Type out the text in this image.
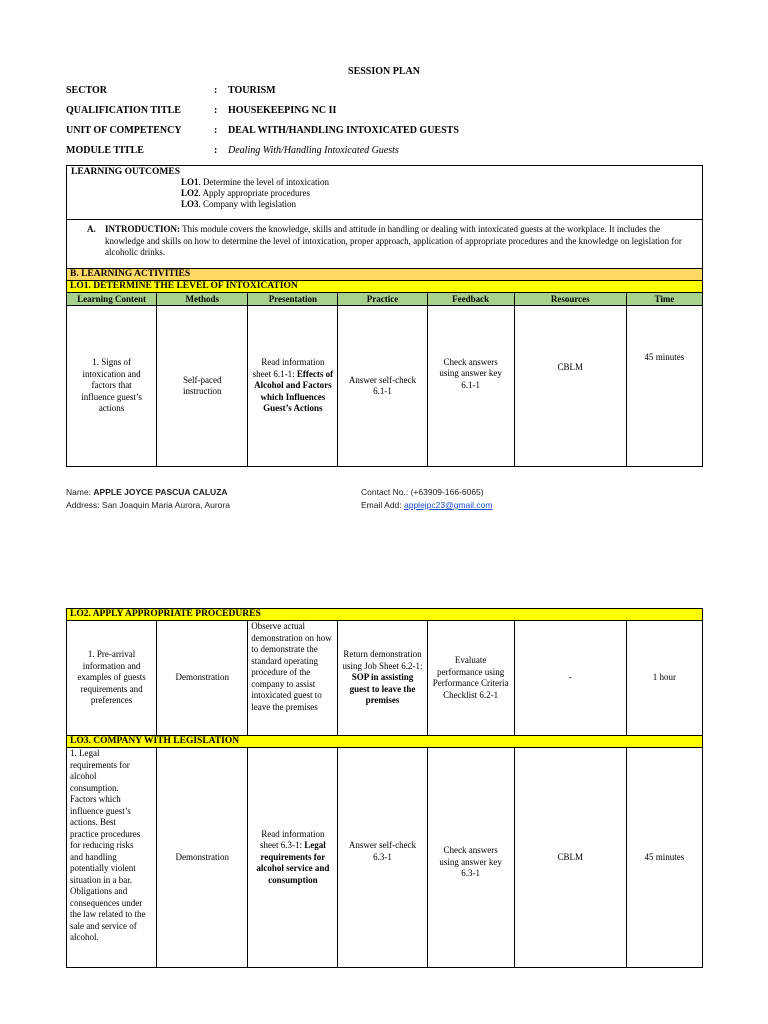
SESSION PLAN
SECTOR	: TOURISM
QUALIFICATION TITLE	: HOUSEKEEPING NC II
UNIT OF COMPETENCY	: DEAL WITH/HANDLING INTOXICATED GUESTS
MODULE TITLE	: Dealing With/Handling Intoxicated Guests
LEARNING OUTCOMES
LO1. Determine the level of intoxication
LO2. Apply appropriate procedures
LO3. Company with legislation
A. INTRODUCTION: This module covers the knowledge, skills and attitude in handling or dealing with intoxicated guests at the workplace. It includes the knowledge and skills on how to determine the level of intoxication, proper approach, application of appropriate procedures and the knowledge on legislation for alcoholic drinks.
B. LEARNING ACTIVITIES						
LO1. DETERMINE THE LEVEL OF INTOXICATION						
Learning Content	Methods	Presentation	Practice	Feedback	Resources	Time
1. Signs of intoxication and factors that influence guest’s actions	Self-paced instruction	Read information sheet 6.1-1: Effects of Alcohol and Factors which Influences Guest’s Actions	Answer self-check 6.1-1	Check answers using answer key 6.1-1	CBLM	45 minutes
Name: APPLE JOYCE PASCUA CALUZA
Address: San Joaquin Maria Aurora, Aurora
Contact No.: (+63909-166-6065)
Email Add: applejpc23@gmail.com
LO2. APPLY APPROPRIATE PROCEDURES						
1. Pre-arrival information and examples of guests requirements and preferences	Demonstration	Observe actual demonstration on how to demonstrate the standard operating procedure of the company to assist intoxicated guest to leave the premises	Return demonstration using Job Sheet 6.2-1: SOP in assisting guest to leave the premises	Evaluate performance using Performance Criteria Checklist 6.2-1	-	1 hour
LO3. COMPANY WITH LEGISLATION						
1. Legal requirements for alcohol consumption. Factors which influence guest’s actions. Best practice procedures for reducing risks and handling potentially violent situation in a bar. Obligations and consequences under the law related to the sale and service of alcohol.	Demonstration	Read information sheet 6.3-1: Legal requirements for alcohol service and consumption	Answer self-check 6.3-1	Check answers using answer key 6.3-1	CBLM	45 minutes
